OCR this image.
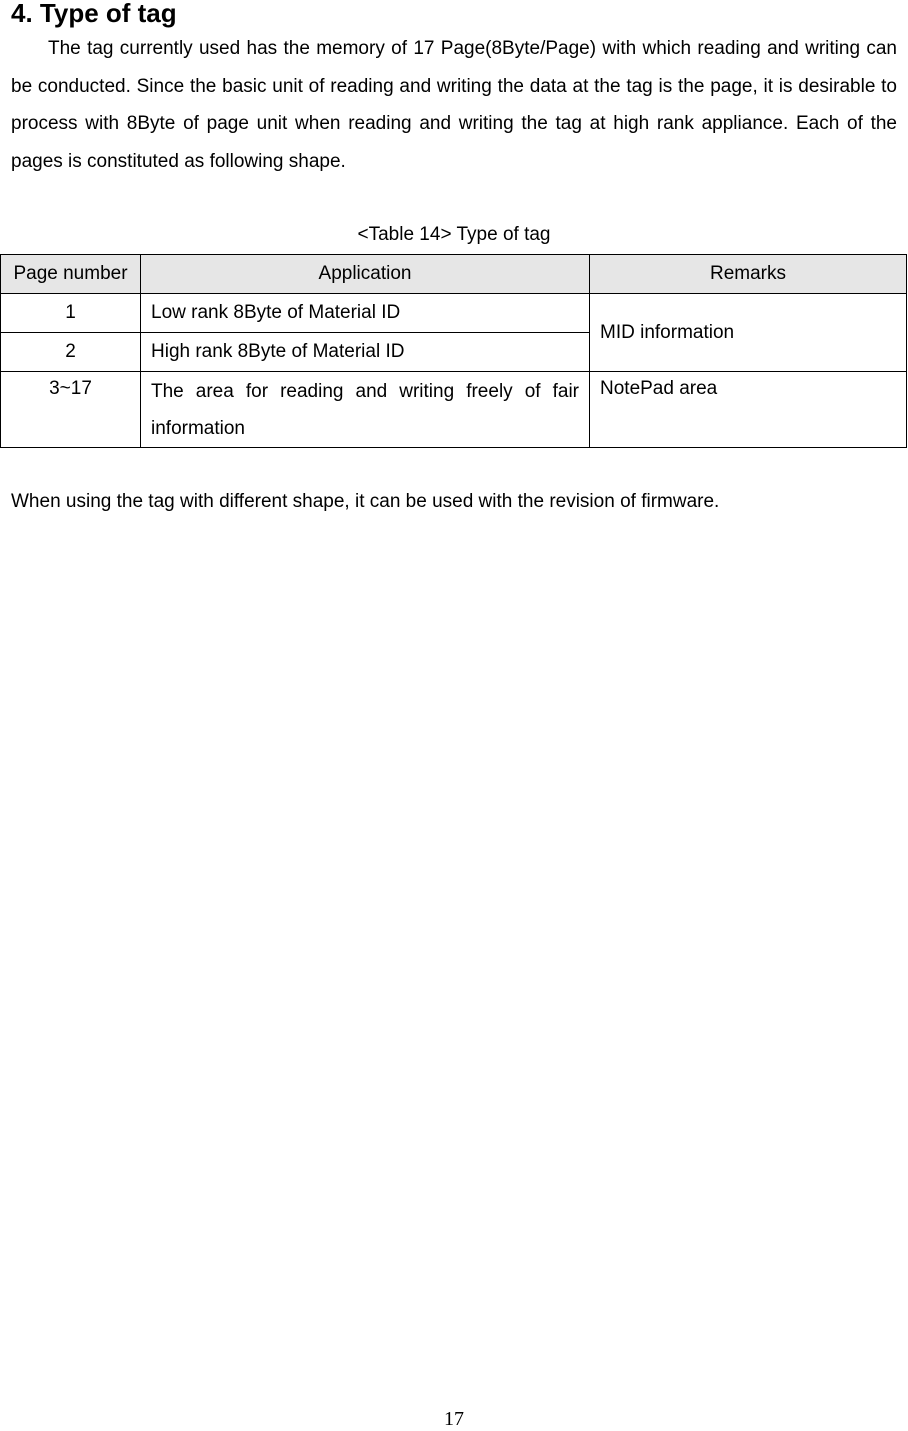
4. Type of tag

The tag currently used has the memory of 17 Page(8Byte/Page) with which reading and writing can be conducted. Since the basic unit of reading and writing the data at the tag is the page, it is desirable to process with 8Byte of page unit when reading and writing the tag at high rank appliance. Each of the pages is constituted as following shape.

<Table 14> Type of tag

Page number	Application	Remarks
1	Low rank 8Byte of Material ID	MID information
2	High rank 8Byte of Material ID	
3~17	The area for reading and writing freely of fair information	NotePad area

When using the tag with different shape, it can be used with the revision of firmware.

17
